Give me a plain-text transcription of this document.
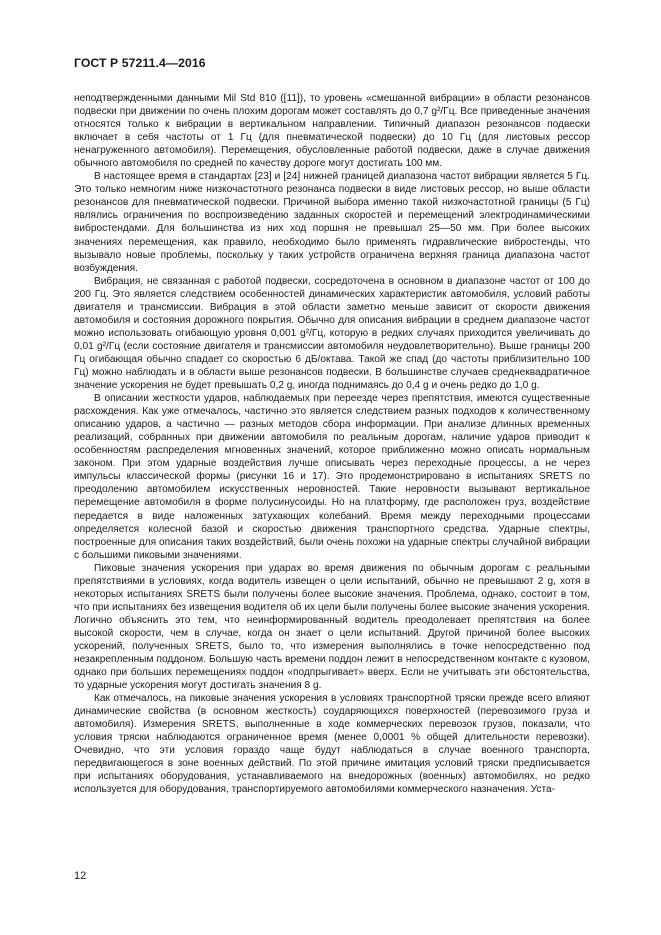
ГОСТ Р 57211.4—2016

неподтвержденными данными Mil Std 810 ([11]), то уровень «смешанной вибрации» в области резонансов подвески при движении по очень плохим дорогам может составлять до 0,7 g²/Гц. Все приведенные значения относятся только к вибрации в вертикальном направлении. Типичный диапазон резонансов подвески включает в себя частоты от 1 Гц (для пневматической подвески) до 10 Гц (для листовых рессор ненагруженного автомобиля). Перемещения, обусловленные работой подвески, даже в случае движения обычного автомобиля по средней по качеству дороге могут достигать 100 мм.

В настоящее время в стандартах [23] и [24] нижней границей диапазона частот вибрации является 5 Гц. Это только немногим ниже низкочастотного резонанса подвески в виде листовых рессор, но выше области резонансов для пневматической подвески. Причиной выбора именно такой низкочастотной границы (5 Гц) являлись ограничения по воспроизведению заданных скоростей и перемещений электродинамическими вибростендами. Для большинства из них ход поршня не превышал 25—50 мм. При более высоких значениях перемещения, как правило, необходимо было применять гидравлические вибростенды, что вызывало новые проблемы, поскольку у таких устройств ограничена верхняя граница диапазона частот возбуждения.

Вибрация, не связанная с работой подвески, сосредоточена в основном в диапазоне частот от 100 до 200 Гц. Это является следствием особенностей динамических характеристик автомобиля, условий работы двигателя и трансмиссии. Вибрация в этой области заметно меньше зависит от скорости движения автомобиля и состояния дорожного покрытия. Обычно для описания вибрации в среднем диапазоне частот можно использовать огибающую уровня 0,001 g²/Гц, которую в редких случаях приходится увеличивать до 0,01 g²/Гц (если состояние двигателя и трансмиссии автомобиля неудовлетворительно). Выше границы 200 Гц огибающая обычно спадает со скоростью 6 дБ/октава. Такой же спад (до частоты приблизительно 100 Гц) можно наблюдать и в области выше резонансов подвески. В большинстве случаев среднеквадратичное значение ускорения не будет превышать 0,2 g, иногда поднимаясь до 0,4 g и очень редко до 1,0 g.

В описании жесткости ударов, наблюдаемых при переезде через препятствия, имеются существенные расхождения. Как уже отмечалось, частично это является следствием разных подходов к количественному описанию ударов, а частично — разных методов сбора информации. При анализе длинных временных реализаций, собранных при движении автомобиля по реальным дорогам, наличие ударов приводит к особенностям распределения мгновенных значений, которое приближенно можно описать нормальным законом. При этом ударные воздействия лучше описывать через переходные процессы, а не через импульсы классической формы (рисунки 16 и 17). Это продемонстрировано в испытаниях SRETS по преодолению автомобилем искусственных неровностей. Такие неровности вызывают вертикальное перемещение автомобиля в форме полусинусоиды. Но на платформу, где расположен груз, воздействие передается в виде наложенных затухающих колебаний. Время между переходными процессами определяется колесной базой и скоростью движения транспортного средства. Ударные спектры, построенные для описания таких воздействий, были очень похожи на ударные спектры случайной вибрации с большими пиковыми значениями.

Пиковые значения ускорения при ударах во время движения по обычным дорогам с реальными препятствиями в условиях, когда водитель извещен о цели испытаний, обычно не превышают 2 g, хотя в некоторых испытаниях SRETS были получены более высокие значения. Проблема, однако, состоит в том, что при испытаниях без извещения водителя об их цели были получены более высокие значения ускорения. Логично объяснить это тем, что неинформированный водитель преодолевает препятствия на более высокой скорости, чем в случае, когда он знает о цели испытаний. Другой причиной более высоких ускорений, полученных SRETS, было то, что измерения выполнялись в точке непосредственно под незакрепленным поддоном. Большую часть времени поддон лежит в непосредственном контакте с кузовом, однако при больших перемещениях поддон «подпрыгивает» вверх. Если не учитывать эти обстоятельства, то ударные ускорения могут достигать значения 8 g.

Как отмечалось, на пиковые значения ускорения в условиях транспортной тряски прежде всего влияют динамические свойства (в основном жесткость) соударяющихся поверхностей (перевозимого груза и автомобиля). Измерения SRETS, выполненные в ходе коммерческих перевозок грузов, показали, что условия тряски наблюдаются ограниченное время (менее 0,0001 % общей длительности перевозки). Очевидно, что эти условия гораздо чаще будут наблюдаться в случае военного транспорта, передвигающегося в зоне военных действий. По этой причине имитация условий тряски предписывается при испытаниях оборудования, устанавливаемого на внедорожных (военных) автомобилях, но редко используется для оборудования, транспортируемого автомобилями коммерческого назначения. Уста-

12
